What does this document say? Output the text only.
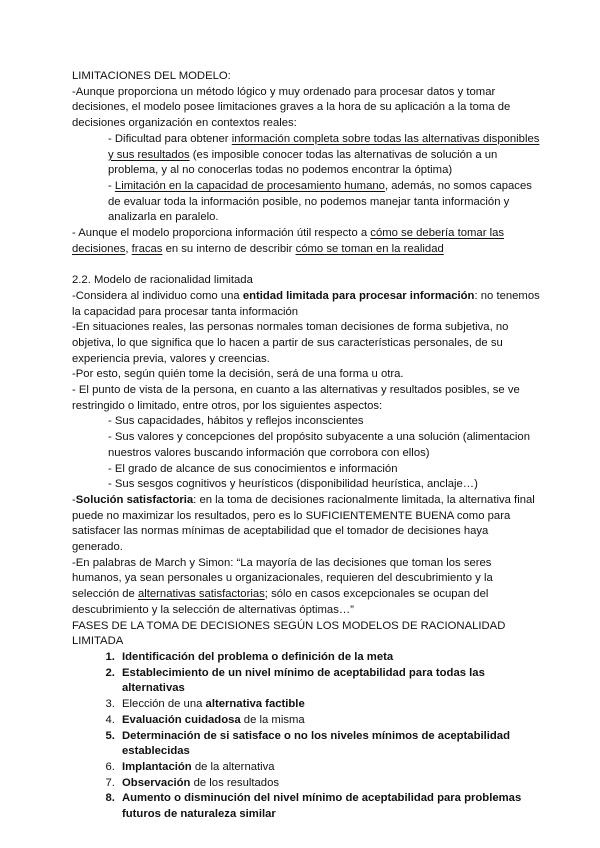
LIMITACIONES DEL MODELO:

-Aunque proporciona un método lógico y muy ordenado para procesar datos y tomar decisiones, el modelo posee limitaciones graves a la hora de su aplicación a la toma de decisiones organización en contextos reales:

- Dificultad para obtener información completa sobre todas las alternativas disponibles y sus resultados (es imposible conocer todas las alternativas de solución a un problema, y al no conocerlas todas no podemos encontrar la óptima)

- Limitación en la capacidad de procesamiento humano, además, no somos capaces de evaluar toda la información posible, no podemos manejar tanta información y analizarla en paralelo.

- Aunque el modelo proporciona información útil respecto a cómo se debería tomar las decisiones, fracas en su interno de describir cómo se toman en la realidad

2.2. Modelo de racionalidad limitada

-Considera al individuo como una entidad limitada para procesar información: no tenemos la capacidad para procesar tanta información

-En situaciones reales, las personas normales toman decisiones de forma subjetiva, no objetiva, lo que significa que lo hacen a partir de sus características personales, de su experiencia previa, valores y creencias.

-Por esto, según quién tome la decisión, será de una forma u otra.

- El punto de vista de la persona, en cuanto a las alternativas y resultados posibles, se ve restringido o limitado, entre otros, por los siguientes aspectos:

- Sus capacidades, hábitos y reflejos inconscientes

- Sus valores y concepciones del propósito subyacente a una solución (alimentacion nuestros valores buscando información que corrobora con ellos)

- El grado de alcance de sus conocimientos e información

- Sus sesgos cognitivos y heurísticos (disponibilidad heurística, anclaje…)

-Solución satisfactoria: en la toma de decisiones racionalmente limitada, la alternativa final puede no maximizar los resultados, pero es lo SUFICIENTEMENTE BUENA como para satisfacer las normas mínimas de aceptabilidad que el tomador de decisiones haya generado.

-En palabras de March y Simon: “La mayoría de las decisiones que toman los seres humanos, ya sean personales u organizacionales, requieren del descubrimiento y la selección de alternativas satisfactorias; sólo en casos excepcionales se ocupan del descubrimiento y la selección de alternativas óptimas…”

FASES DE LA TOMA DE DECISIONES SEGÚN LOS MODELOS DE RACIONALIDAD LIMITADA

1. Identificación del problema o definición de la meta
2. Establecimiento de un nivel mínimo de aceptabilidad para todas las alternativas
3. Elección de una alternativa factible
4. Evaluación cuidadosa de la misma
5. Determinación de si satisface o no los niveles mínimos de aceptabilidad establecidas
6. Implantación de la alternativa
7. Observación de los resultados
8. Aumento o disminución del nivel mínimo de aceptabilidad para problemas futuros de naturaleza similar
